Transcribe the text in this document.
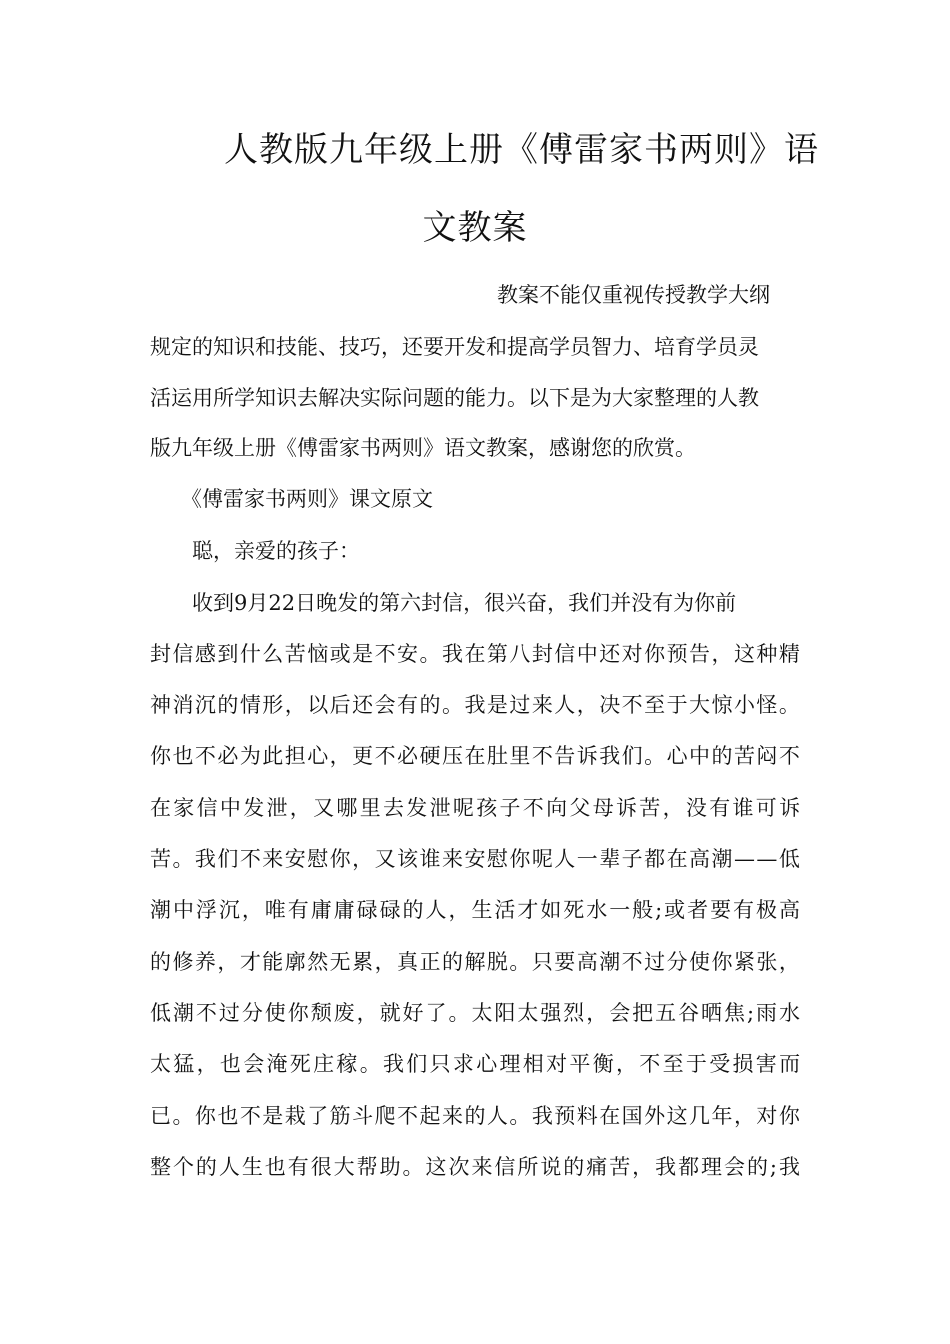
人教版九年级上册《傅雷家书两则》语
文教案
教案不能仅重视传授教学大纲
规定的知识和技能、技巧，还要开发和提高学员智力、培育学员灵
活运用所学知识去解决实际问题的能力。以下是为大家整理的人教
版九年级上册《傅雷家书两则》语文教案，感谢您的欣赏。
《傅雷家书两则》课文原文
聪，亲爱的孩子：
收到9月22日晚发的第六封信，很兴奋，我们并没有为你前
封信感到什么苦恼或是不安。我在第八封信中还对你预告，这种精
神消沉的情形，以后还会有的。我是过来人，决不至于大惊小怪。
你也不必为此担心，更不必硬压在肚里不告诉我们。心中的苦闷不
在家信中发泄，又哪里去发泄呢孩子不向父母诉苦，没有谁可诉
苦。我们不来安慰你，又该谁来安慰你呢人一辈子都在高潮——低
潮中浮沉，唯有庸庸碌碌的人，生活才如死水一般;或者要有极高
的修养，才能廓然无累，真正的解脱。只要高潮不过分使你紧张，
低潮不过分使你颓废，就好了。太阳太强烈，会把五谷晒焦;雨水
太猛，也会淹死庄稼。我们只求心理相对平衡，不至于受损害而
已。你也不是栽了筋斗爬不起来的人。我预料在国外这几年，对你
整个的人生也有很大帮助。这次来信所说的痛苦，我都理会的;我
